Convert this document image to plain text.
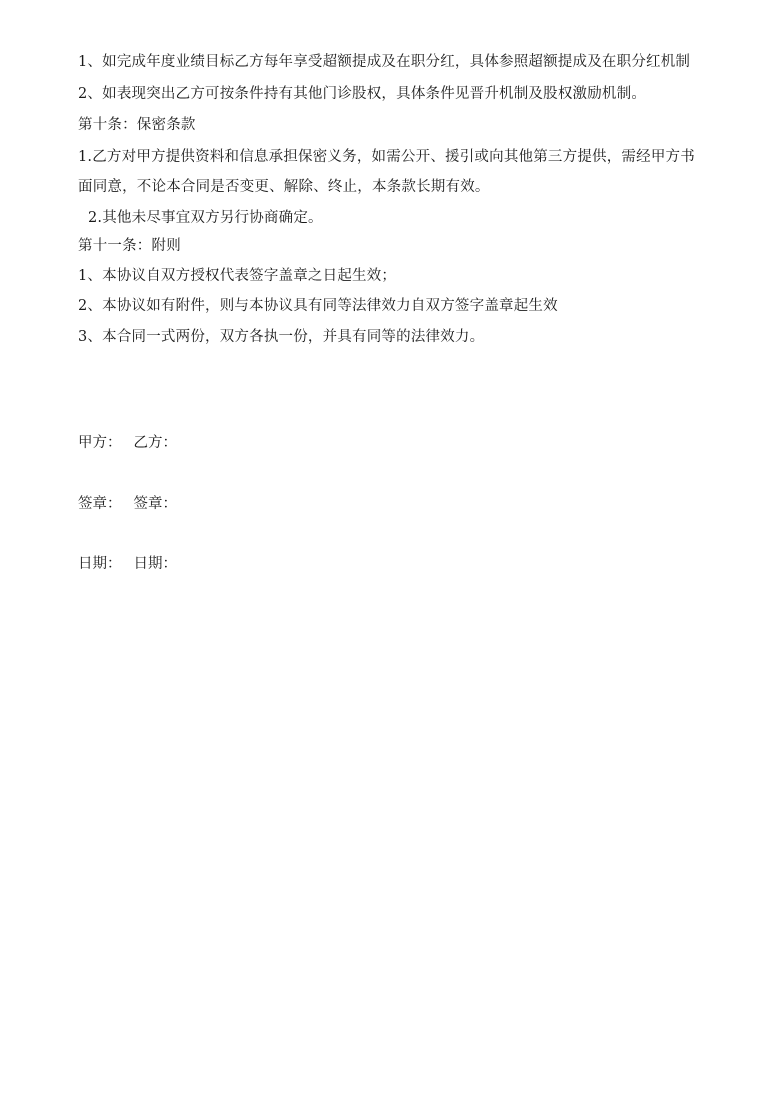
1、如完成年度业绩目标乙方每年享受超额提成及在职分红，具体参照超额提成及在职分红机制
2、如表现突出乙方可按条件持有其他门诊股权，具体条件见晋升机制及股权激励机制。
第十条：保密条款
1.乙方对甲方提供资料和信息承担保密义务，如需公开、援引或向其他第三方提供，需经甲方书
面同意，不论本合同是否变更、解除、终止，本条款长期有效。
2.其他未尽事宜双方另行协商确定。
第十一条：附则
1、本协议自双方授权代表签字盖章之日起生效；
2、本协议如有附件，则与本协议具有同等法律效力自双方签字盖章起生效
3、本合同一式两份，双方各执一份，并具有同等的法律效力。
甲方： 乙方：
签章： 签章：
日期： 日期：
